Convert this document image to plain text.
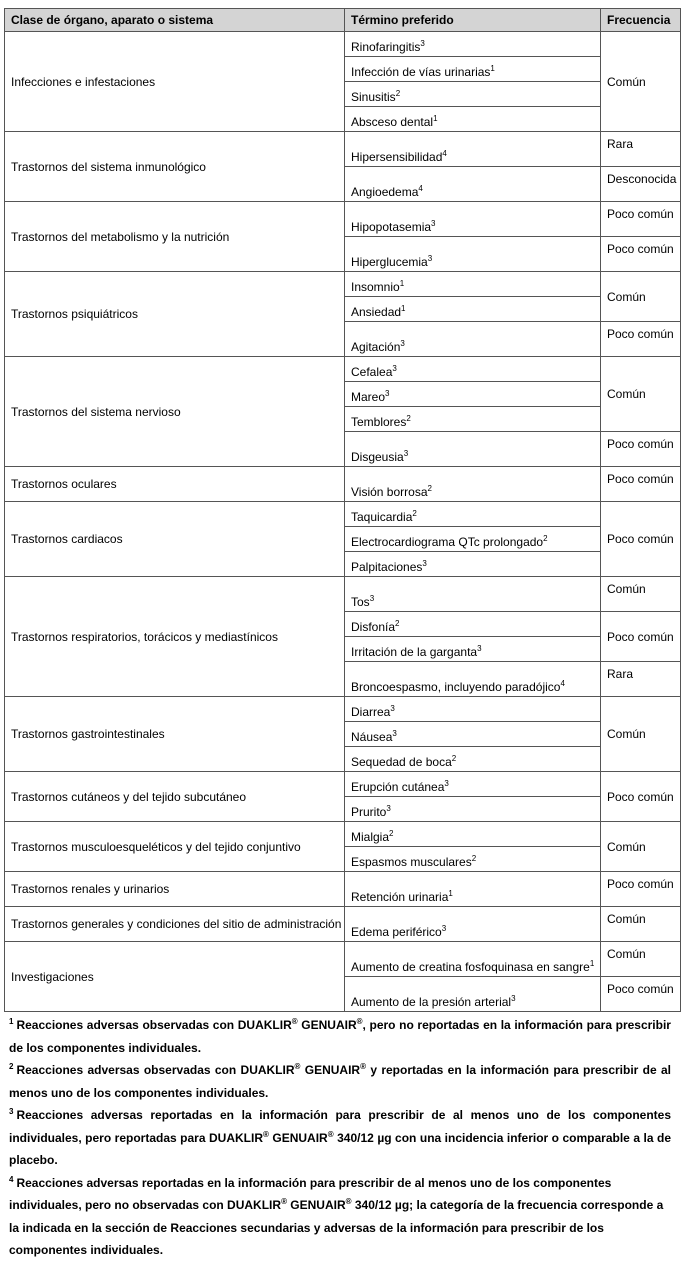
Clase de órgano, aparato o sistema	Término preferido	Frecuencia
Infecciones e infestaciones	Rinofaringitis$^3$	Común
	Infección de vías urinarias$^1$
	Sinusitis$^2$
	Absceso dental$^1$
Trastornos del sistema inmunológico	Hipersensibilidad$^4$	Rara
	Angioedema$^4$	Desconocida
Trastornos del metabolismo y la nutrición	Hipopotasemia$^3$	Poco común
	Hiperglucemia$^3$	Poco común
Trastornos psiquiátricos	Insomnio$^1$	Común
	Ansiedad$^1$
	Agitación$^3$	Poco común
Trastornos del sistema nervioso	Cefalea$^3$	Común
	Mareo$^3$
	Temblores$^2$
	Disgeusia$^3$	Poco común
Trastornos oculares	Visión borrosa$^2$	Poco común
Trastornos cardiacos	Taquicardia$^2$	Poco común
	Electrocardiograma QTc prolongado$^2$
	Palpitaciones$^3$
Trastornos respiratorios, torácicos y mediastínicos	Tos$^3$	Común
	Disfonía$^2$	Poco común
	Irritación de la garganta$^3$
	Broncoespasmo, incluyendo paradójico$^4$	Rara
Trastornos gastrointestinales	Diarrea$^3$	Común
	Náusea$^3$
	Sequedad de boca$^2$
Trastornos cutáneos y del tejido subcutáneo	Erupción cutánea$^3$	Poco común
	Prurito$^3$
Trastornos musculoesqueléticos y del tejido conjuntivo	Mialgia$^2$	Común
	Espasmos musculares$^2$
Trastornos renales y urinarios	Retención urinaria$^1$	Poco común
Trastornos generales y condiciones del sitio de administración	Edema periférico$^3$	Común
Investigaciones	Aumento de creatina fosfoquinasa en sangre$^1$	Común
	Aumento de la presión arterial$^3$	Poco común

$^1$ Reacciones adversas observadas con DUAKLIR® GENUAIR®, pero no reportadas en la información para prescribir de los componentes individuales.

$^2$ Reacciones adversas observadas con DUAKLIR® GENUAIR® y reportadas en la información para prescribir de al menos uno de los componentes individuales.

$^3$ Reacciones adversas reportadas en la información para prescribir de al menos uno de los componentes individuales, pero reportadas para DUAKLIR® GENUAIR® 340/12 µg con una incidencia inferior o comparable a la de placebo.

$^4$ Reacciones adversas reportadas en la información para prescribir de al menos uno de los componentes individuales, pero no observadas con DUAKLIR® GENUAIR® 340/12 µg; la categoría de la frecuencia corresponde a la indicada en la sección de Reacciones secundarias y adversas de la información para prescribir de los componentes individuales.
